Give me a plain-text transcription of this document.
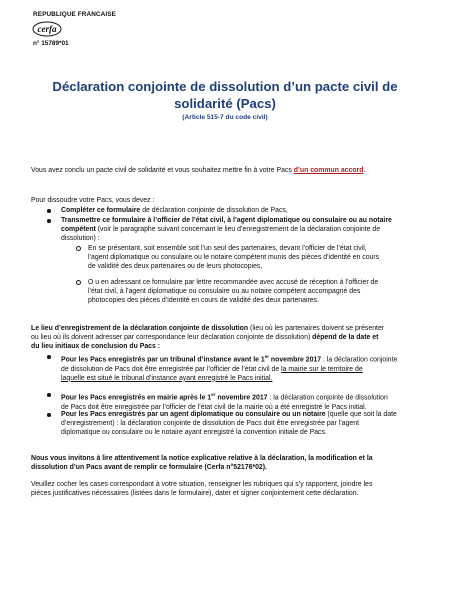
REPUBLIQUE FRANCAISE
cerfa
n° 15789*01
Déclaration conjointe de dissolution d’un pacte civil de
solidarité (Pacs)
(Article 515-7 du code civil)
Vous avez conclu un pacte civil de solidarité et vous souhaitez mettre fin à votre Pacs d’un commun accord.
Pour dissoudre votre Pacs, vous devez :
Compléter ce formulaire de déclaration conjointe de dissolution de Pacs,
Transmettre ce formulaire à l’officier de l’état civil, à l’agent diplomatique ou consulaire ou au notaire
compétent (voir le paragraphe suivant concernant le lieu d’enregistrement de la déclaration conjointe de
dissolution) :
En se présentant, soit ensemble soit l’un seul des partenaires, devant l’officier de l’état civil,
l’agent diplomatique ou consulaire ou le notaire compétent munis des pièces d’identité en cours
de validité des deux partenaires ou de leurs photocopies,
O u en adressant ce formulaire par lettre recommandée avec accusé de réception à l’officier de
l’état civil, à l’agent diplomatique ou consulaire ou au notaire compétent accompagné des
photocopies des pièces d’identité en cours de validité des deux partenaires.
Le lieu d’enregistrement de la déclaration conjointe de dissolution (lieu où les partenaires doivent se présenter
ou lieu où ils doivent adresser par correspondance leur déclaration conjointe de dissolution) dépend de la date et
du lieu initiaux de conclusion du Pacs :
Pour les Pacs enregistrés par un tribunal d’instance avant le 1er novembre 2017 : la déclaration conjointe
de dissolution de Pacs doit être enregistrée par l’officier de l’état civil de la mairie sur le territoire de
laquelle est situé le tribunal d’instance ayant enregistré le Pacs initial.
Pour les Pacs enregistrés en mairie après le 1er novembre 2017 : la déclaration conjointe de dissolution
de Pacs doit être enregistrée par l’officier de l’état civil de la mairie où a été enregistré le Pacs initial.
Pour les Pacs enregistrés par un agent diplomatique ou consulaire ou un notaire (quelle que soit la date
d’enregistrement) : la déclaration conjointe de dissolution de Pacs doit être enregistrée par l’agent
diplomatique ou consulaire ou le notaire ayant enregistré la convention initiale de Pacs.
Nous vous invitons à lire attentivement la notice explicative relative à la déclaration, la modification et la
dissolution d’un Pacs avant de remplir ce formulaire (Cerfa n°52176*02).
Veuillez cocher les cases correspondant à votre situation, renseigner les rubriques qui s’y rapportent, joindre les
pièces justificatives nécessaires (listées dans le formulaire), dater et signer conjointement cette déclaration.
